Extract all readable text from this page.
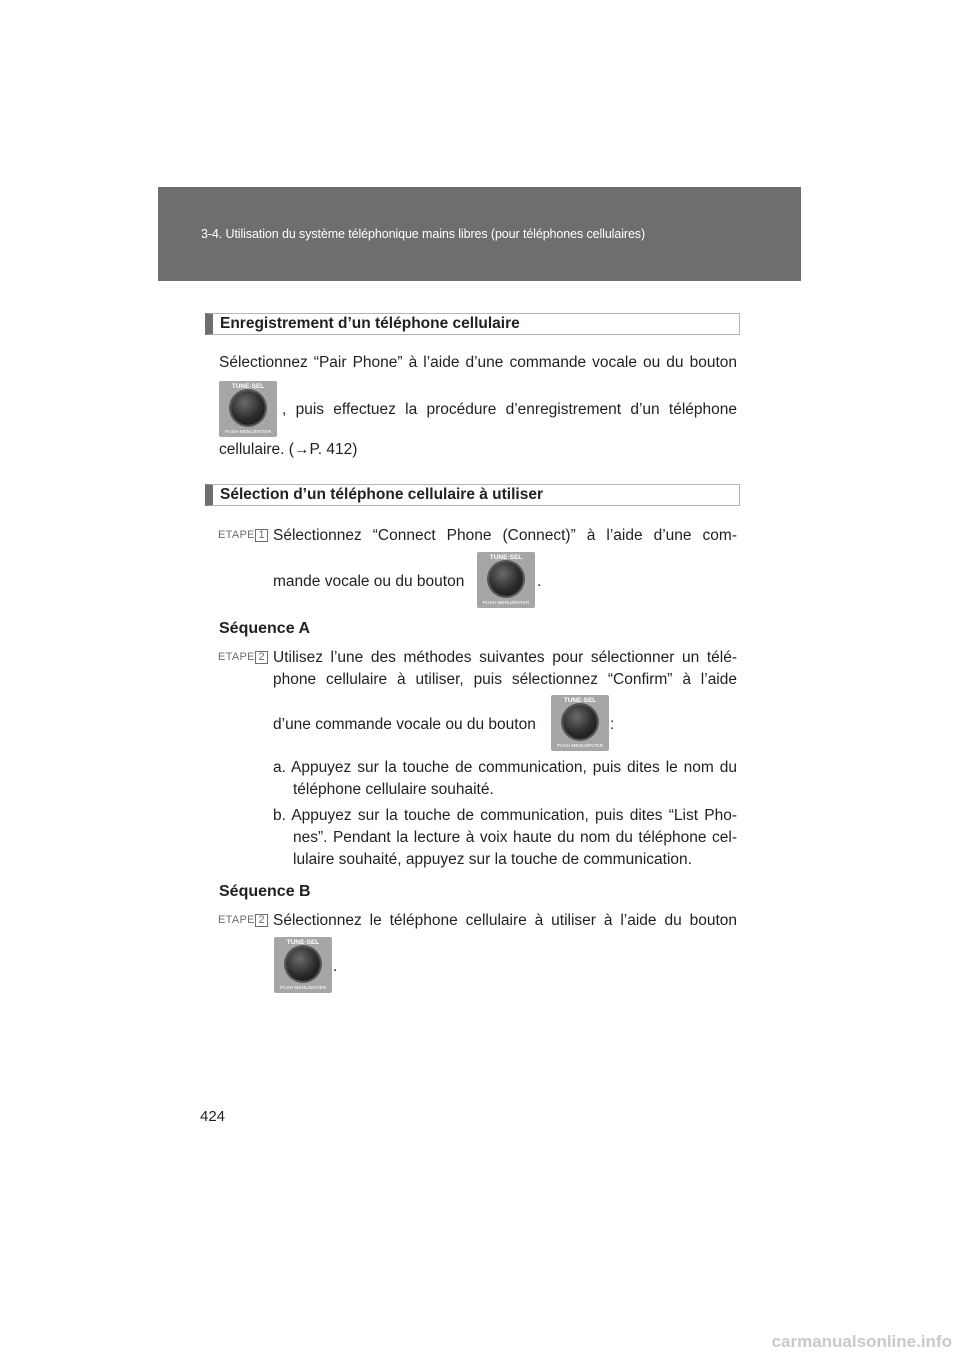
3-4. Utilisation du système téléphonique mains libres (pour téléphones cellulaires)
Enregistrement d’un téléphone cellulaire
Sélectionnez “Pair Phone” à l’aide d’une commande vocale ou du bouton
TUNE·SEL
PUSH MENU/ENTER
, puis effectuez la procédure d’enregistrement d’un téléphone
cellulaire. (→P. 412)
Sélection d’un téléphone cellulaire à utiliser
ETAPE 1 Sélectionnez “Connect Phone (Connect)” à l’aide d’une com-
mande vocale ou du bouton
TUNE·SEL
PUSH MENU/ENTER
.
Séquence A
ETAPE 2 Utilisez l’une des méthodes suivantes pour sélectionner un télé-
phone cellulaire à utiliser, puis sélectionnez “Confirm” à l’aide
d’une commande vocale ou du bouton
TUNE·SEL
PUSH MENU/ENTER
:
a. Appuyez sur la touche de communication, puis dites le nom du
téléphone cellulaire souhaité.
b. Appuyez sur la touche de communication, puis dites “List Pho-
nes”. Pendant la lecture à voix haute du nom du téléphone cel-
lulaire souhaité, appuyez sur la touche de communication.
Séquence B
ETAPE 2 Sélectionnez le téléphone cellulaire à utiliser à l’aide du bouton
TUNE·SEL
PUSH MENU/ENTER
.
424
carmanualsonline.info
